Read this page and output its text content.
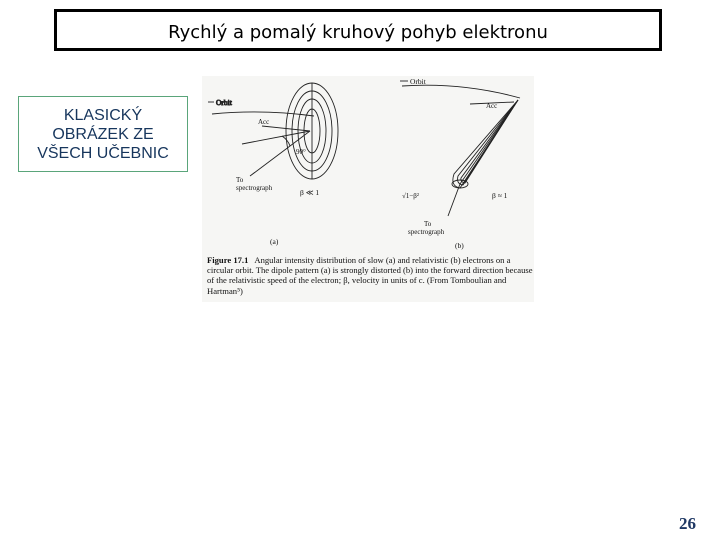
Rychlý a pomalý kruhový pohyb elektronu
KLASICKÝ
OBRÁZEK ZE
VŠECH UČEBNIC
Orbit
Acc
90°
To spectrograph	β ≪ 1
(a)
Orbit
Acc
√1−β²	β ≈ 1
To spectrograph
(b)
Figure 17.1 Angular intensity distribution of slow (a) and relativistic (b) electrons on a circular orbit. The dipole pattern (a) is strongly distorted (b) into the forward direction because of the relativistic speed of the electron; β, velocity in units of c. (From Tomboulian and Hartman⁵)
26
